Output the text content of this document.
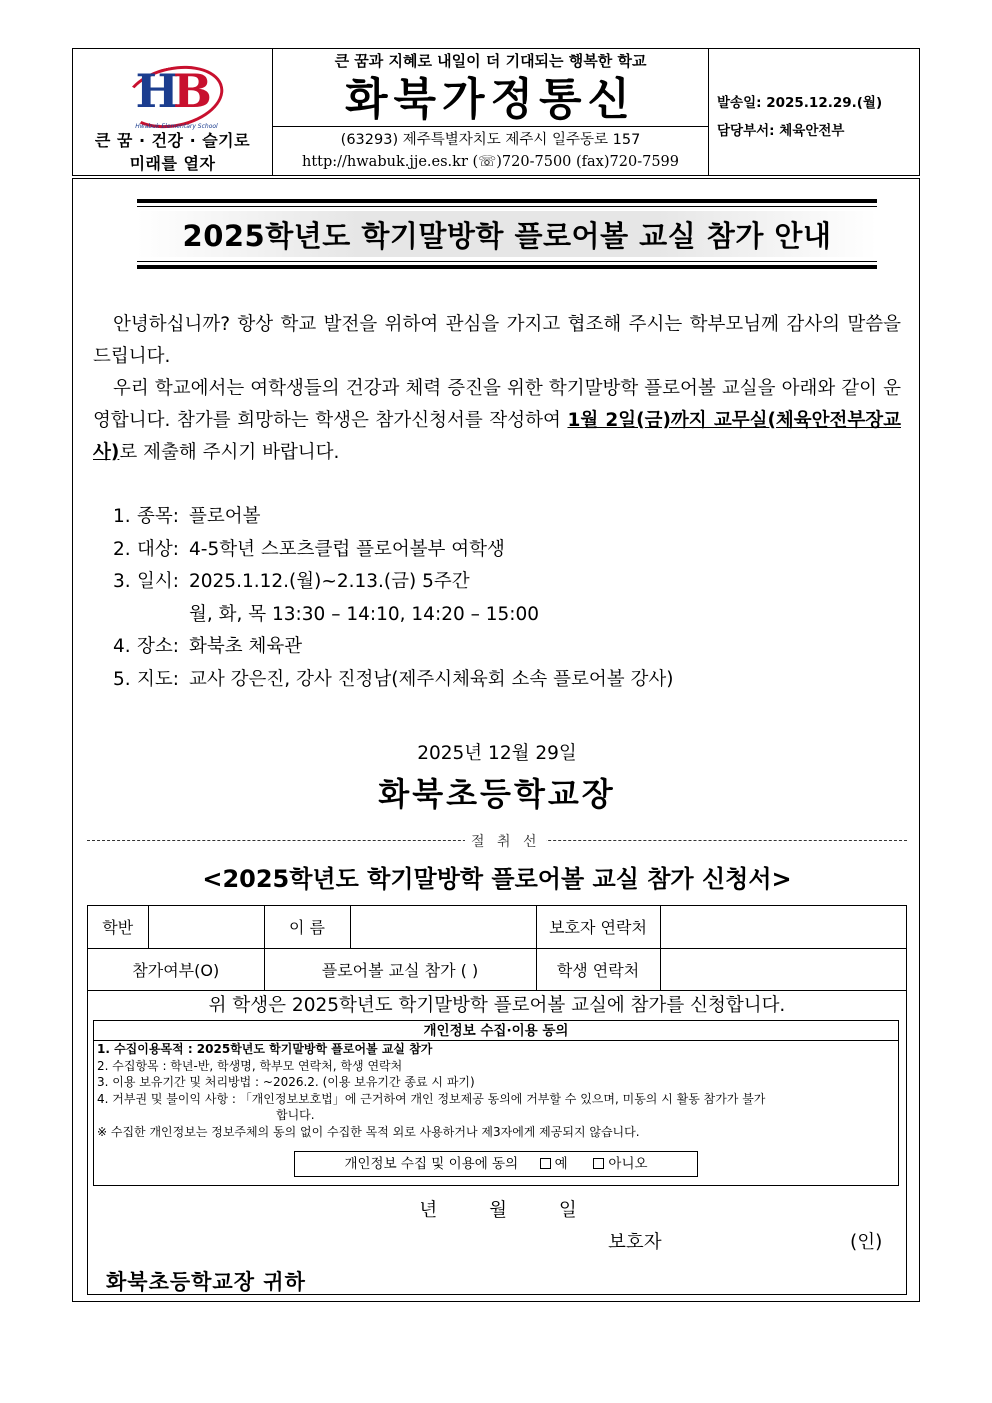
HB
Hwabuk Elementary School
큰 꿈 · 건강 · 슬기로
미래를 열자
큰 꿈과 지혜로 내일이 더 기대되는 행복한 학교
화북가정통신
(63293) 제주특별자치도 제주시 일주동로 157
http://hwabuk.jje.es.kr (☏)720-7500 (fax)720-7599
발송일: 2025.12.29.(월)
담당부서: 체육안전부
2025학년도 학기말방학 플로어볼 교실 참가 안내

안녕하십니까? 항상 학교 발전을 위하여 관심을 가지고 협조해 주시는 학부모님께 감사의 말씀을 드립니다.

우리 학교에서는 여학생들의 건강과 체력 증진을 위한 학기말방학 플로어볼 교실을 아래와 같이 운영합니다. 참가를 희망하는 학생은 참가신청서를 작성하여 1월 2일(금)까지 교무실(체육안전부장교사)로 제출해 주시기 바랍니다.

1. 종목: 플로어볼
2. 대상: 4-5학년 스포츠클럽 플로어볼부 여학생
3. 일시: 2025.1.12.(월)~2.13.(금) 5주간
월, 화, 목 13:30 – 14:10, 14:20 – 15:00
4. 장소: 화북초 체육관
5. 지도: 교사 강은진, 강사 진정남(제주시체육회 소속 플로어볼 강사)
2025년 12월 29일
화북초등학교장
절 취 선
<2025학년도 학기말방학 플로어볼 교실 참가 신청서>
학반		이 름		보호자 연락처	
참가여부(O)		플로어볼 교실 참가 ( )		학생 연락처	
위 학생은 2025학년도 학기말방학 플로어볼 교실에 참가를 신청합니다.
개인정보 수집·이용 동의
1. 수집이용목적 : 2025학년도 학기말방학 플로어볼 교실 참가
2. 수집항목 : 학년-반, 학생명, 학부모 연락처, 학생 연락처
3. 이용 보유기간 및 처리방법 : ~2026.2. (이용 보유기간 종료 시 파기)
4. 거부권 및 불이익 사항 : 「개인정보보호법」에 근거하여 개인 정보제공 동의에 거부할 수 있으며, 미동의 시 활동 참가가 불가
합니다.
※ 수집한 개인정보는 정보주체의 동의 없이 수집한 목적 외로 사용하거나 제3자에게 제공되지 않습니다.
개인정보 수집 및 이용에 동의	예	아니오
년 월 일
보호자	(인)
화북초등학교장 귀하
